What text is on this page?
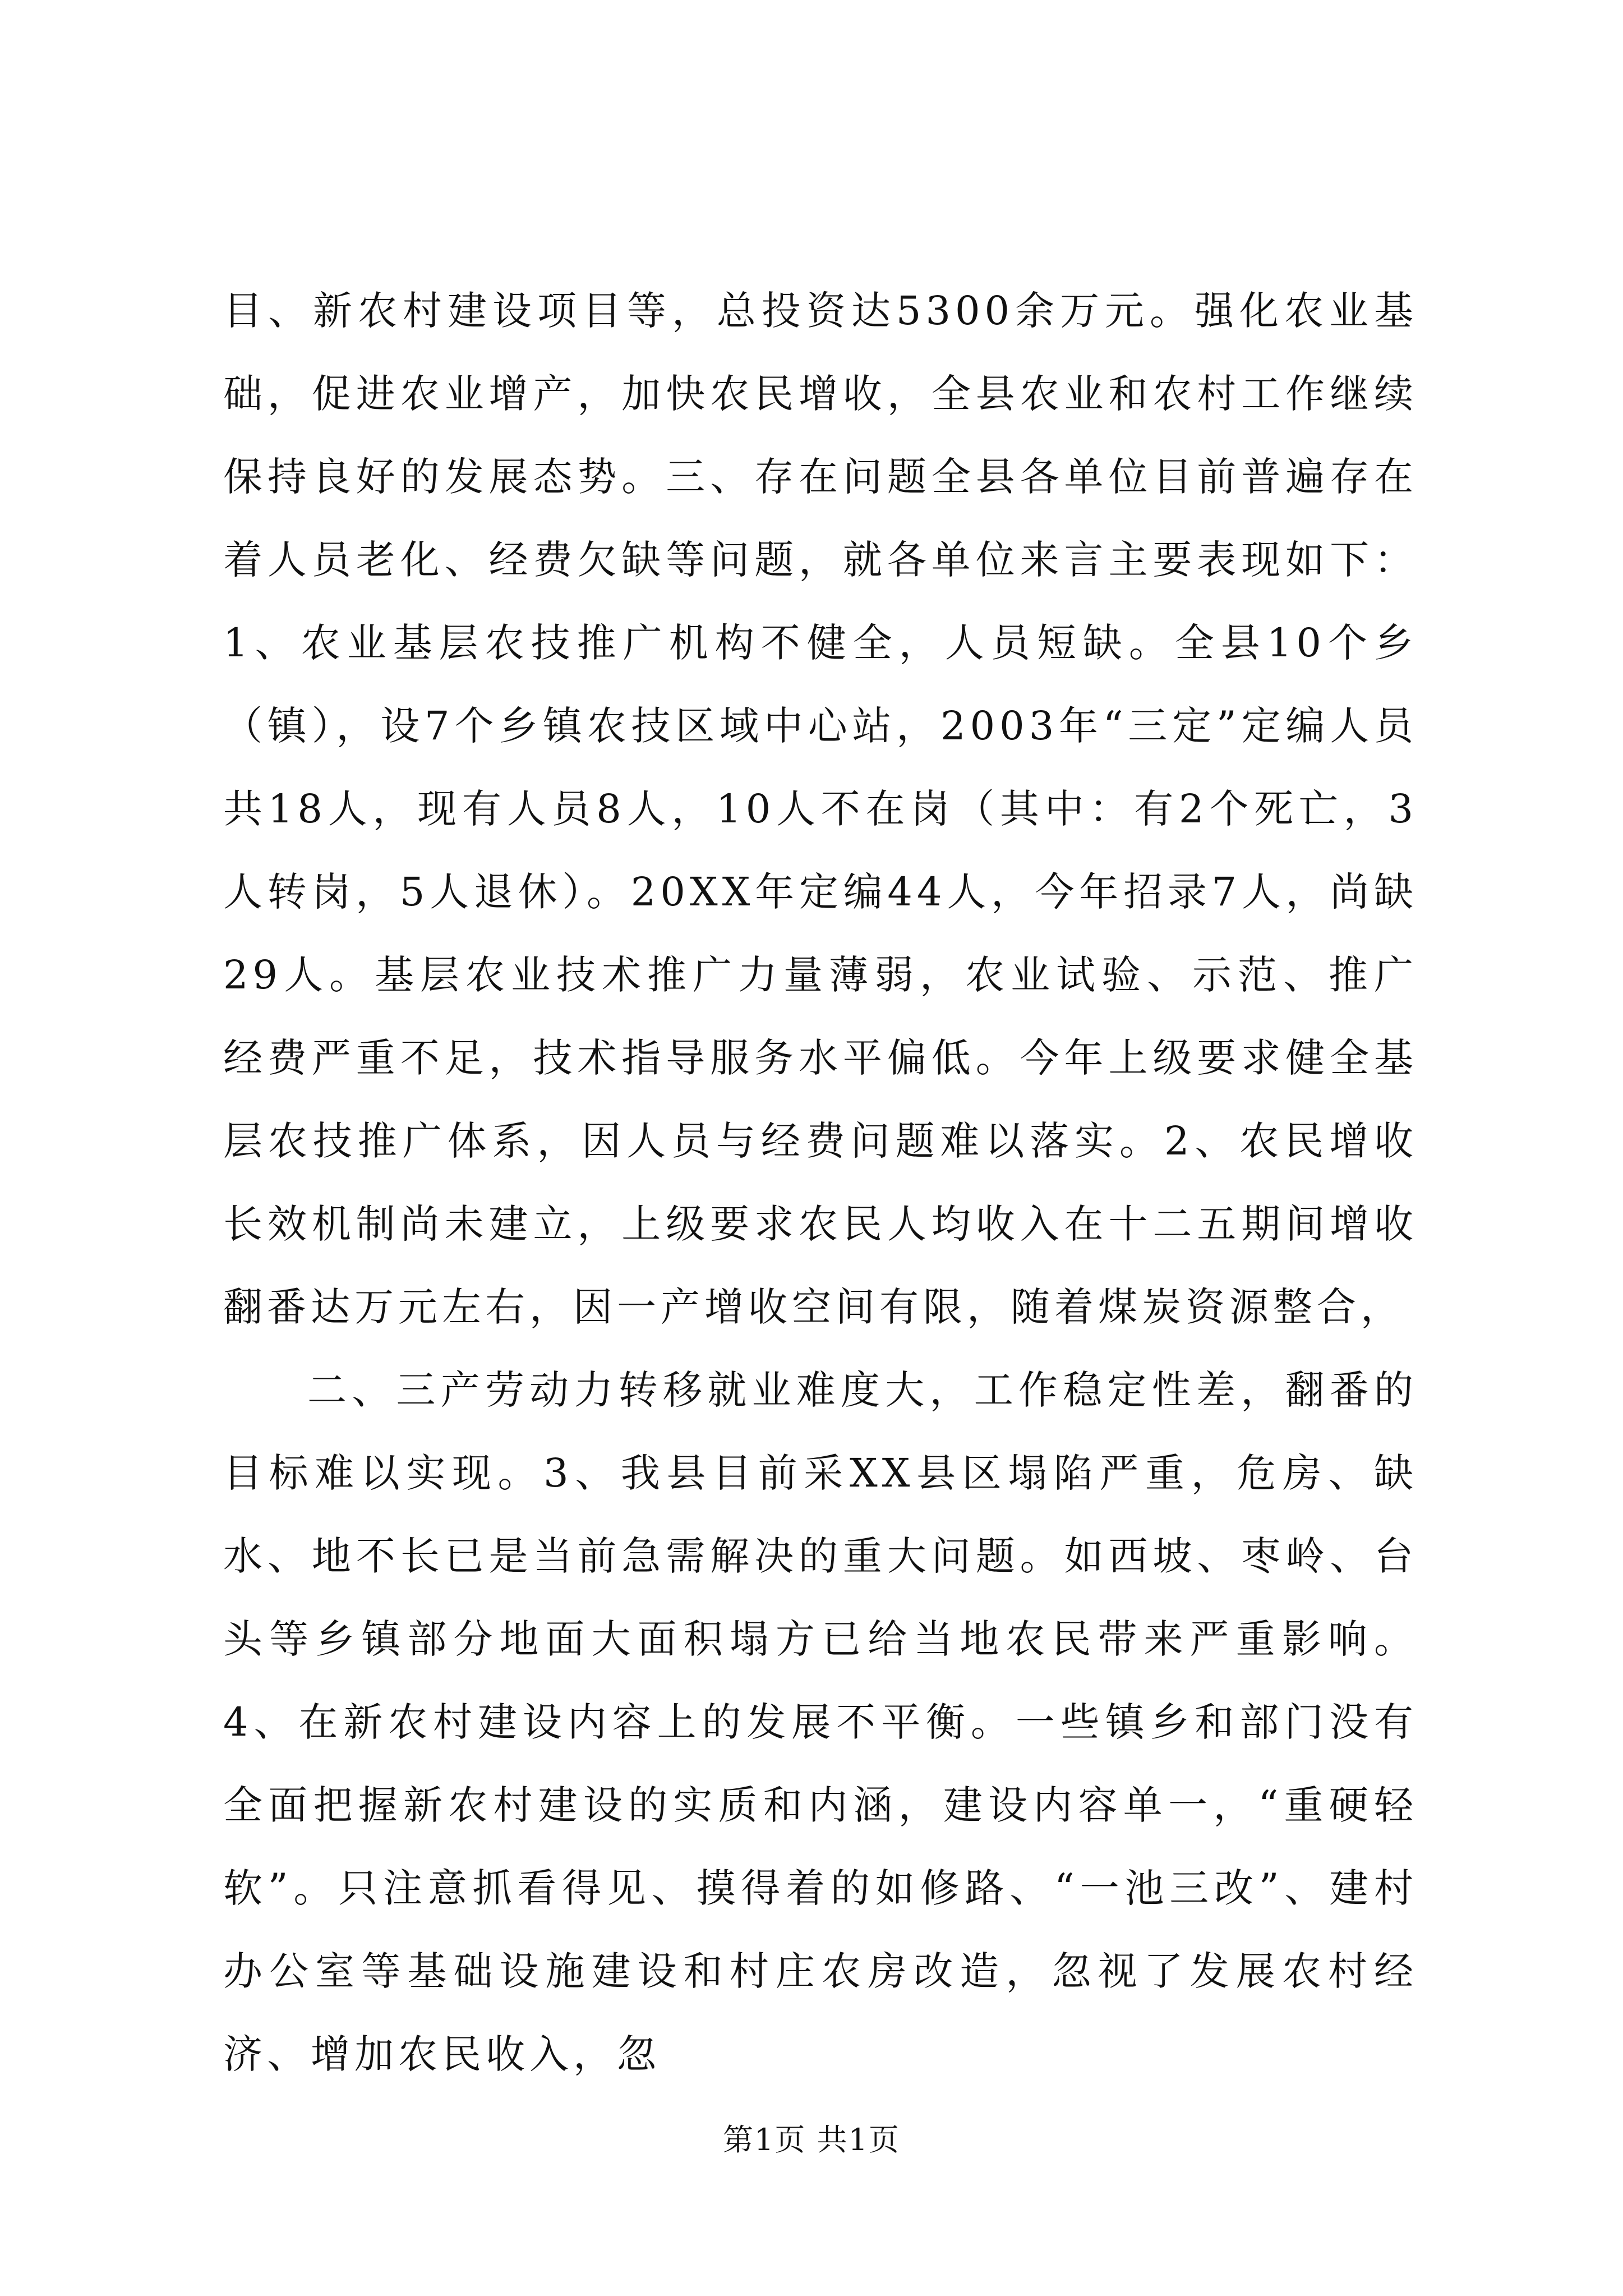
目、新农村建设项目等，总投资达5300余万元。强化农业基础，促进农业增产，加快农民增收，全县农业和农村工作继续保持良好的发展态势。三、存在问题全县各单位目前普遍存在着人员老化、经费欠缺等问题，就各单位来言主要表现如下：1、农业基层农技推广机构不健全，人员短缺。全县10个乡（镇），设7个乡镇农技区域中心站，2003年“三定”定编人员共18人，现有人员8人，10人不在岗（其中：有2个死亡，3人转岗，5人退休）。20XX年定编44人，今年招录7人，尚缺29人。基层农业技术推广力量薄弱，农业试验、示范、推广经费严重不足，技术指导服务水平偏低。今年上级要求健全基层农技推广体系，因人员与经费问题难以落实。2、农民增收长效机制尚未建立，上级要求农民人均收入在十二五期间增收翻番达万元左右，因一产增收空间有限，随着煤炭资源整合，

二、三产劳动力转移就业难度大，工作稳定性差，翻番的目标难以实现。3、我县目前采XX县区塌陷严重，危房、缺水、地不长已是当前急需解决的重大问题。如西坡、枣岭、台头等乡镇部分地面大面积塌方已给当地农民带来严重影响。4、在新农村建设内容上的发展不平衡。一些镇乡和部门没有全面把握新农村建设的实质和内涵，建设内容单一，“重硬轻软”。只注意抓看得见、摸得着的如修路、“一池三改”、建村办公室等基础设施建设和村庄农房改造，忽视了发展农村经济、增加农民收入，忽

第1页 共1页
